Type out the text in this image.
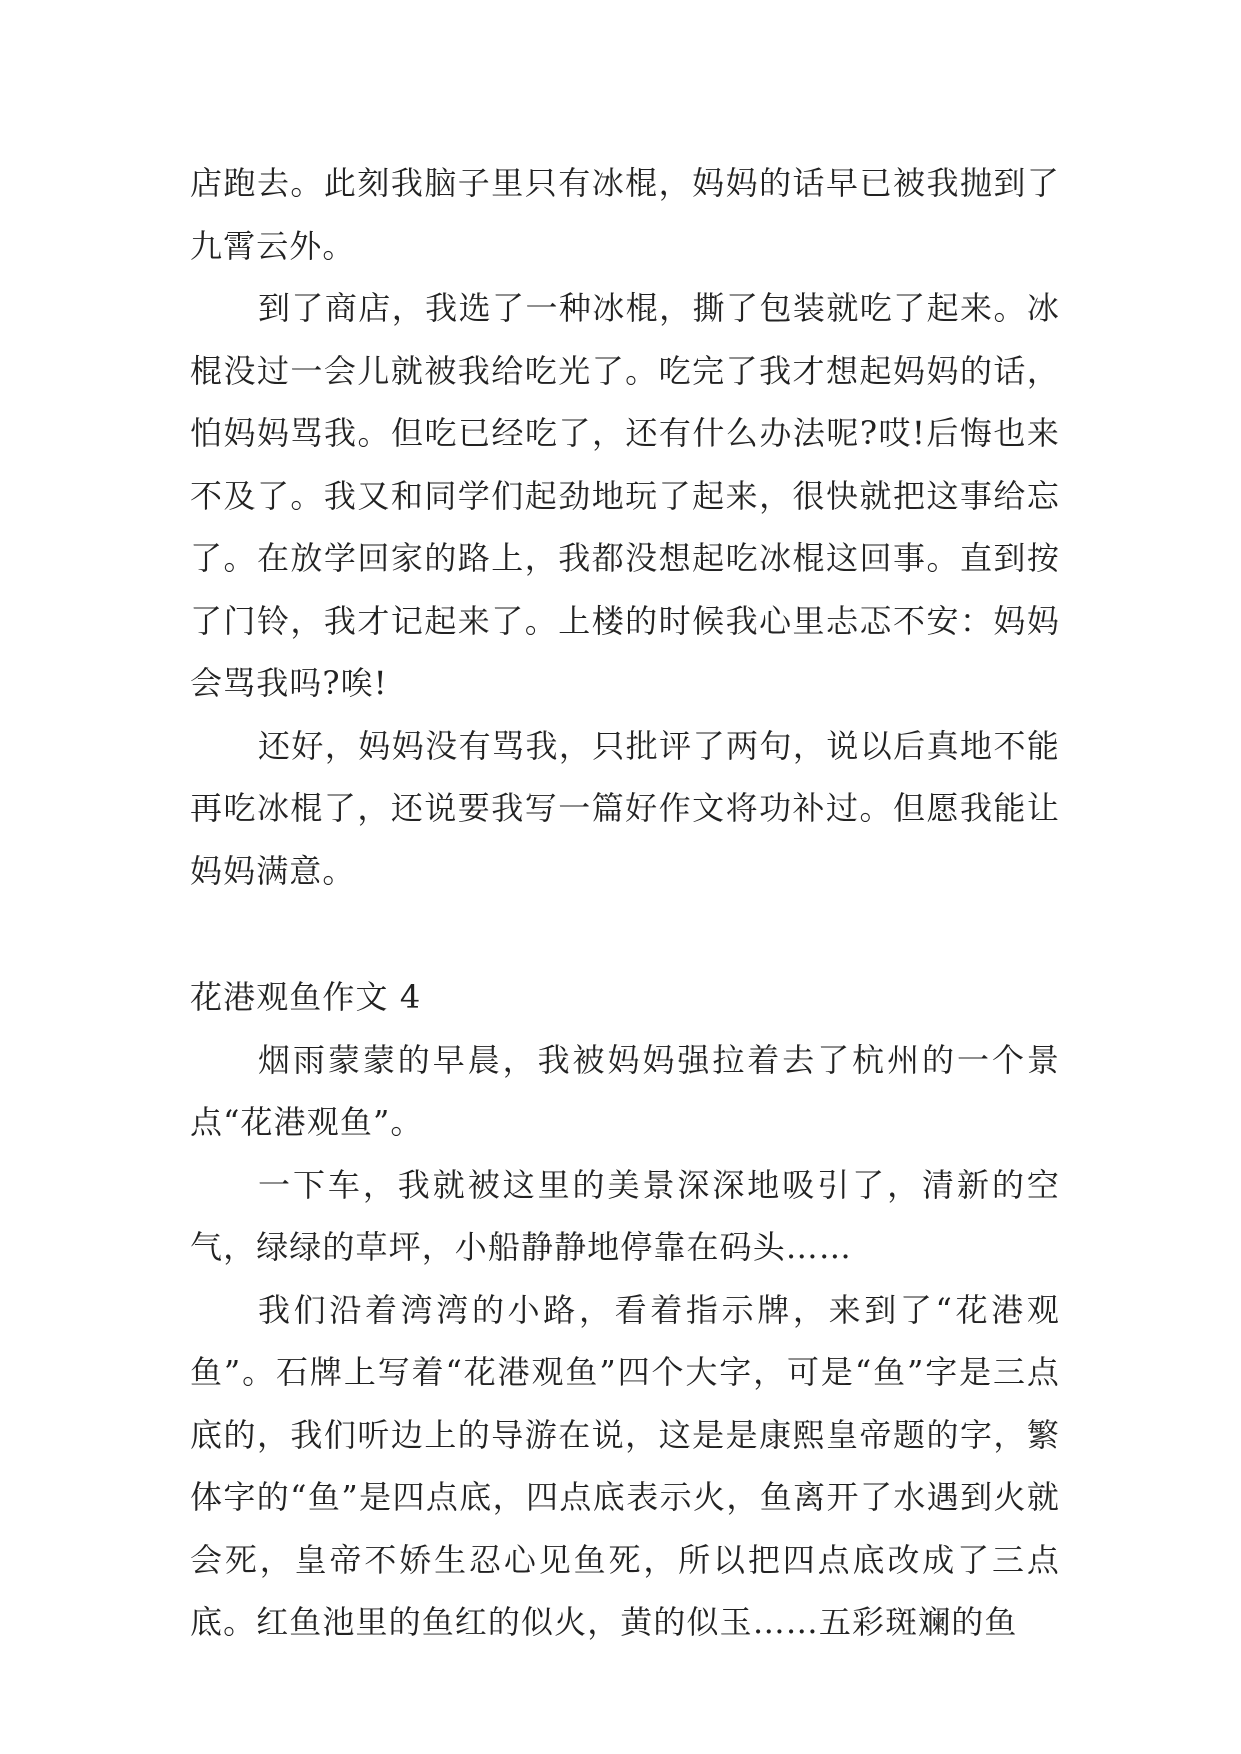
店跑去。此刻我脑子里只有冰棍，妈妈的话早已被我抛到了九霄云外。

到了商店，我选了一种冰棍，撕了包装就吃了起来。冰棍没过一会儿就被我给吃光了。吃完了我才想起妈妈的话，怕妈妈骂我。但吃已经吃了，还有什么办法呢?哎!后悔也来不及了。我又和同学们起劲地玩了起来，很快就把这事给忘了。在放学回家的路上，我都没想起吃冰棍这回事。直到按了门铃，我才记起来了。上楼的时候我心里忐忑不安：妈妈会骂我吗?唉!

还好，妈妈没有骂我，只批评了两句，说以后真地不能再吃冰棍了，还说要我写一篇好作文将功补过。但愿我能让妈妈满意。

花港观鱼作文 4

烟雨蒙蒙的早晨，我被妈妈强拉着去了杭州的一个景点“花港观鱼”。

一下车，我就被这里的美景深深地吸引了，清新的空气，绿绿的草坪，小船静静地停靠在码头……

我们沿着湾湾的小路，看着指示牌，来到了“花港观鱼”。石牌上写着“花港观鱼”四个大字，可是“鱼”字是三点底的，我们听边上的导游在说，这是是康熙皇帝题的字，繁体字的“鱼”是四点底，四点底表示火，鱼离开了水遇到火就会死，皇帝不娇生忍心见鱼死，所以把四点底改成了三点底。红鱼池里的鱼红的似火，黄的似玉……五彩斑斓的鱼
